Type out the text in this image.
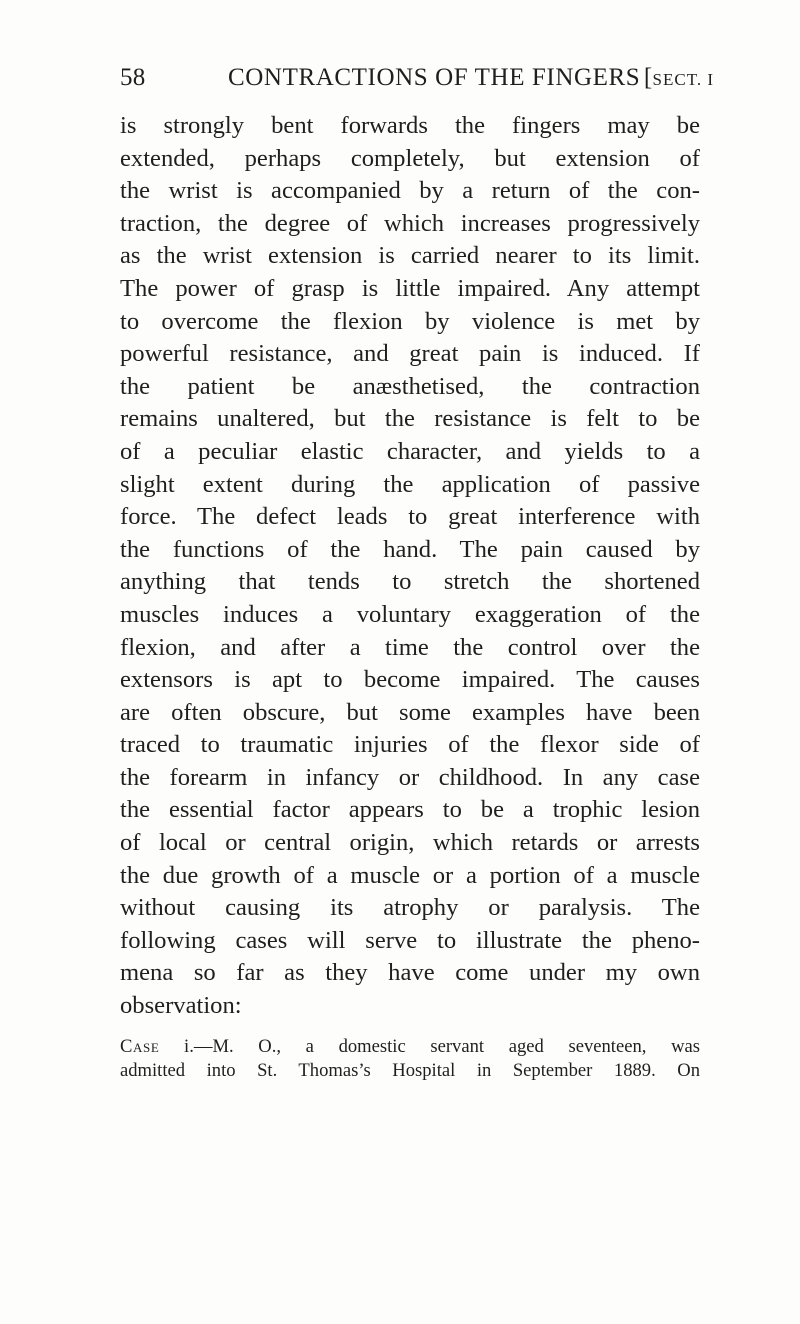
58	CONTRACTIONS OF THE FINGERS [SECT. I
is strongly bent forwards the fingers may be
extended, perhaps completely, but extension of
the wrist is accompanied by a return of the con-
traction, the degree of which increases progressively
as the wrist extension is carried nearer to its limit.
The power of grasp is little impaired. Any attempt
to overcome the flexion by violence is met by
powerful resistance, and great pain is induced. If
the patient be anæsthetised, the contraction
remains unaltered, but the resistance is felt to be
of a peculiar elastic character, and yields to a
slight extent during the application of passive
force. The defect leads to great interference with
the functions of the hand. The pain caused by
anything that tends to stretch the shortened
muscles induces a voluntary exaggeration of the
flexion, and after a time the control over the
extensors is apt to become impaired. The causes
are often obscure, but some examples have been
traced to traumatic injuries of the flexor side of
the forearm in infancy or childhood. In any case
the essential factor appears to be a trophic lesion
of local or central origin, which retards or arrests
the due growth of a muscle or a portion of a muscle
without causing its atrophy or paralysis. The
following cases will serve to illustrate the pheno-
mena so far as they have come under my own
observation:
Case i.—M. O., a domestic servant aged seventeen, was
admitted into St. Thomas’s Hospital in September 1889. On
